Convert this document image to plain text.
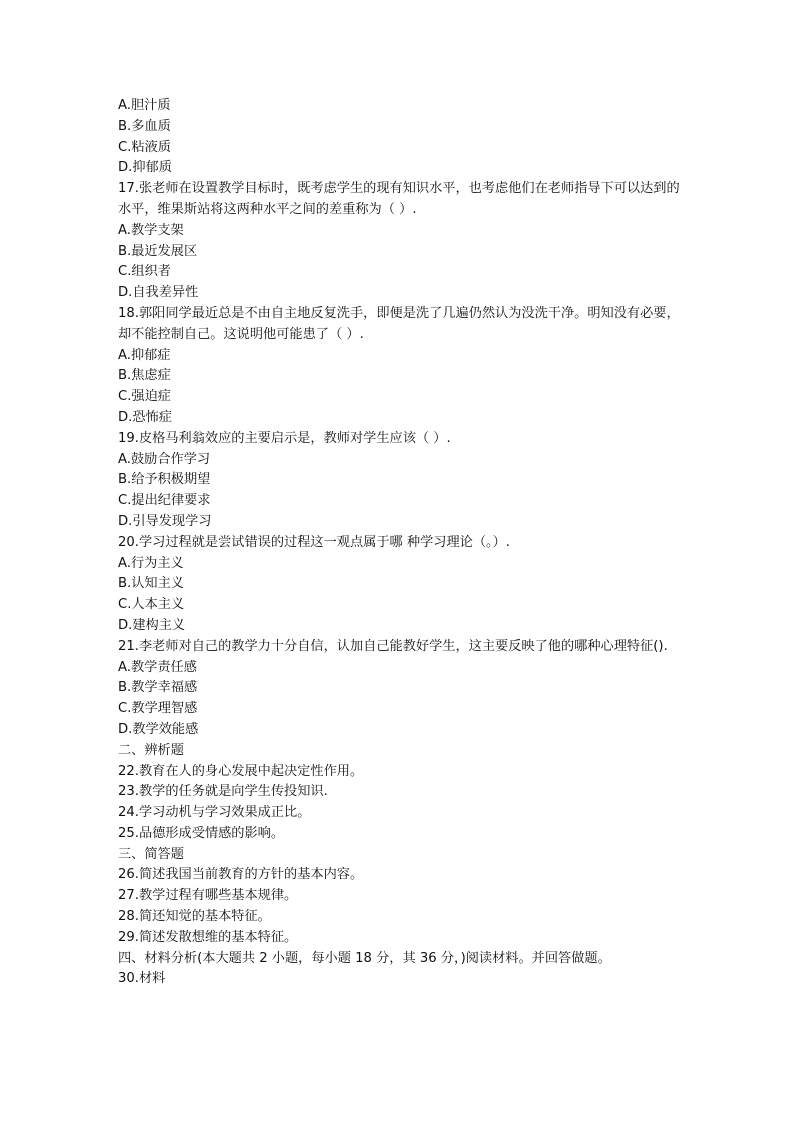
A.胆汁质
B.多血质
C.粘液质
D.抑郁质
17.张老师在设置教学目标时，既考虑学生的现有知识水平，也考虑他们在老师指导下可以达到的水平，维果斯站将这两种水平之间的差重称为（ ）.
A.教学支架
B.最近发展区
C.组织者
D.自我差异性
18.郭阳同学最近总是不由自主地反复洗手，即便是洗了几遍仍然认为没洗干净。明知没有必要，却不能控制自己。这说明他可能患了（ ）.
A.抑郁症
B.焦虑症
C.强迫症
D.恐怖症
19.皮格马利翁效应的主要启示是，教师对学生应该（ ）.
A.鼓励合作学习
B.给予积极期望
C.提出纪律要求
D.引导发现学习
20.学习过程就是尝试错误的过程这一观点属于哪 种学习理论（。）.
A.行为主义
B.认知主义
C.人本主义
D.建构主义
21.李老师对自己的教学力十分自信，认加自己能教好学生，这主要反映了他的哪种心理特征().
A.教学责任感
B.教学幸福感
C.教学理智感
D.教学效能感
二、辨析题
22.教育在人的身心发展中起决定性作用。
23.教学的任务就是向学生传投知识.
24.学习动机与学习效果成正比。
25.品德形成受情感的影响。
三、简答题
26.简述我国当前教育的方针的基本内容。
27.教学过程有哪些基本规律。
28.简还知觉的基本特征。
29.简述发散想维的基本特征。
四、材料分析(本大题共 2 小题，每小题 18 分，其 36 分，)阅读材料。并回答做题。
30.材料
